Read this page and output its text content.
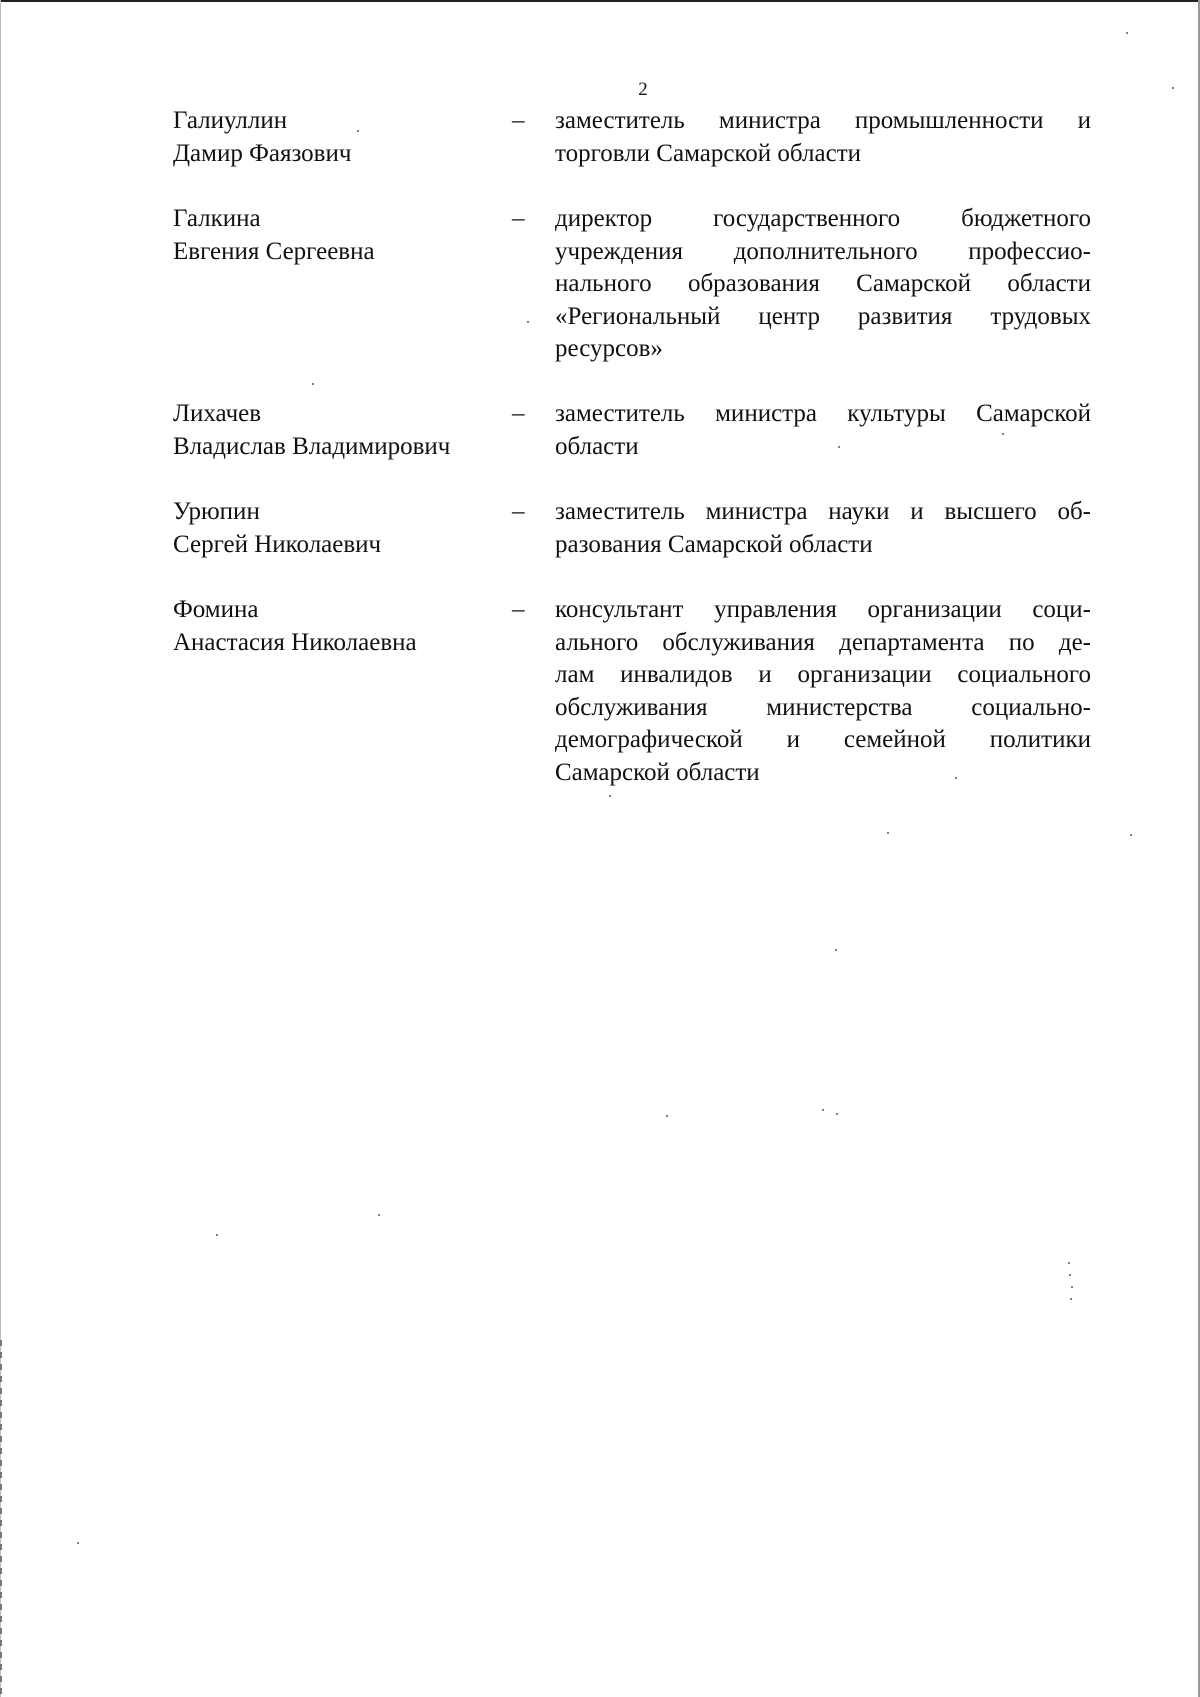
2
Галиуллин
Дамир Фаязович
– заместитель министра промышленности и
торговли Самарской области
Галкина
Евгения Сергеевна
– директор государственного бюджетного
учреждения дополнительного профессио-
нального образования Самарской области
«Региональный центр развития трудовых
ресурсов»
Лихачев
Владислав Владимирович
– заместитель министра культуры Самарской
области
Урюпин
Сергей Николаевич
– заместитель министра науки и высшего об-
разования Самарской области
Фомина
Анастасия Николаевна
– консультант управления организации соци-
ального обслуживания департамента по де-
лам инвалидов и организации социального
обслуживания министерства социально-
демографической и семейной политики
Самарской области
